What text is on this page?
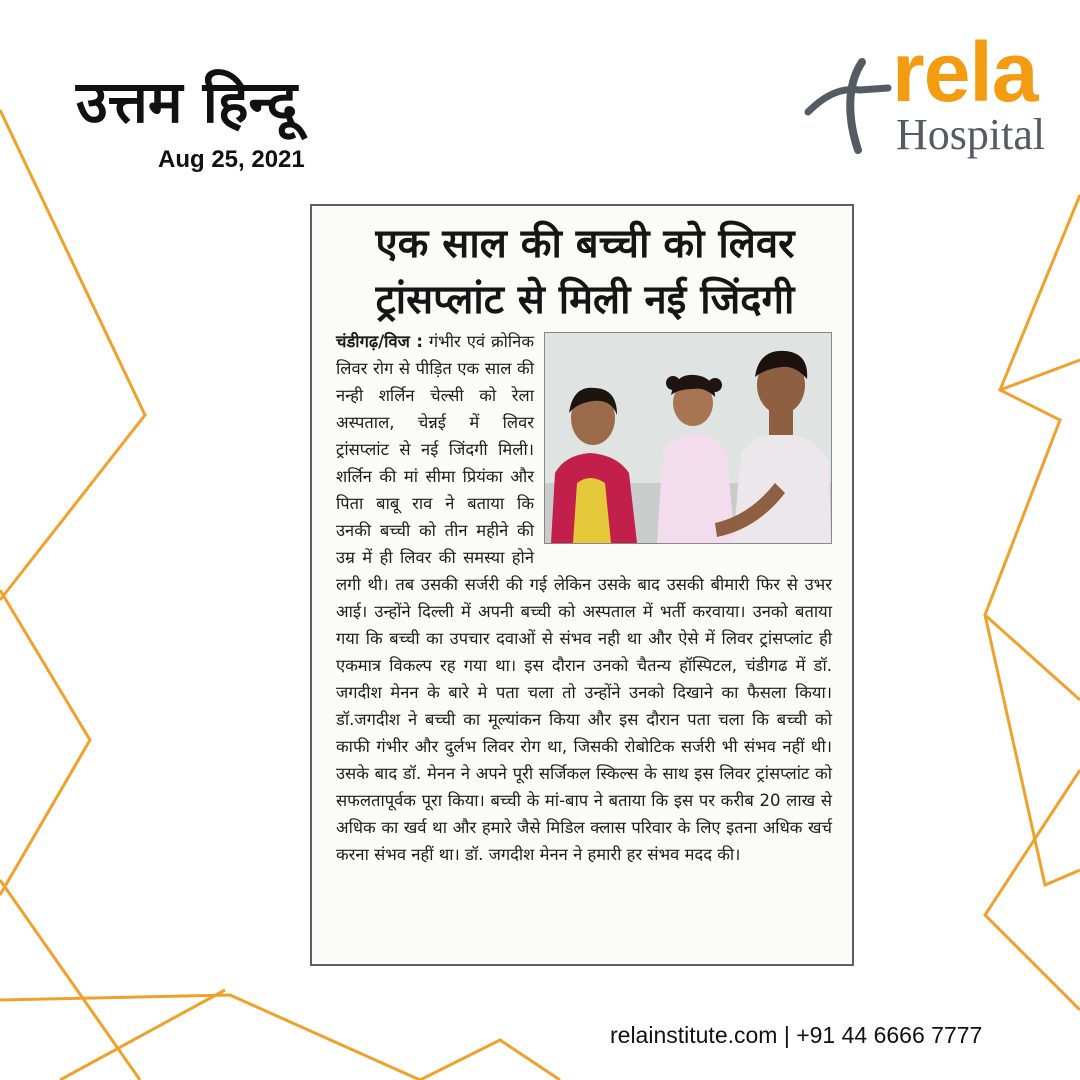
उत्तम हिन्दू
Aug 25, 2021
rela
Hospital
एक साल की बच्ची को लिवर ट्रांसप्लांट से मिली नई जिंदगी
चंडीगढ़/विज : गंभीर एवं क्रोनिक लिवर रोग से पीड़ित एक साल की नन्ही शर्लिन चेल्सी को रेला अस्पताल, चेन्नई में लिवर ट्रांसप्लांट से नई जिंदगी मिली। शर्लिन की मां सीमा प्रियंका और पिता बाबू राव ने बताया कि उनकी बच्ची को तीन महीने की उम्र में ही लिवर की समस्या होने लगी थी। तब उसकी सर्जरी की गई लेकिन उसके बाद उसकी बीमारी फिर से उभर आई। उन्होंने दिल्ली में अपनी बच्ची को अस्पताल में भर्ती करवाया। उनको बताया गया कि बच्ची का उपचार दवाओं से संभव नही था और ऐसे में लिवर ट्रांसप्लांट ही एकमात्र विकल्प रह गया था। इस दौरान उनको चैतन्य हॉस्पिटल, चंडीगढ में डॉ. जगदीश मेनन के बारे मे पता चला तो उन्होंने उनको दिखाने का फैसला किया। डॉ.जगदीश ने बच्ची का मूल्यांकन किया और इस दौरान पता चला कि बच्ची को काफी गंभीर और दुर्लभ लिवर रोग था, जिसकी रोबोटिक सर्जरी भी संभव नहीं थी। उसके बाद डॉ. मेनन ने अपने पूरी सर्जिकल स्किल्स के साथ इस लिवर ट्रांसप्लांट को सफलतापूर्वक पूरा किया। बच्ची के मां-बाप ने बताया कि इस पर करीब 20 लाख से अधिक का खर्व था और हमारे जैसे मिडिल क्लास परिवार के लिए इतना अधिक खर्च करना संभव नहीं था। डॉ. जगदीश मेनन ने हमारी हर संभव मदद की।
relainstitute.com | +91 44 6666 7777
